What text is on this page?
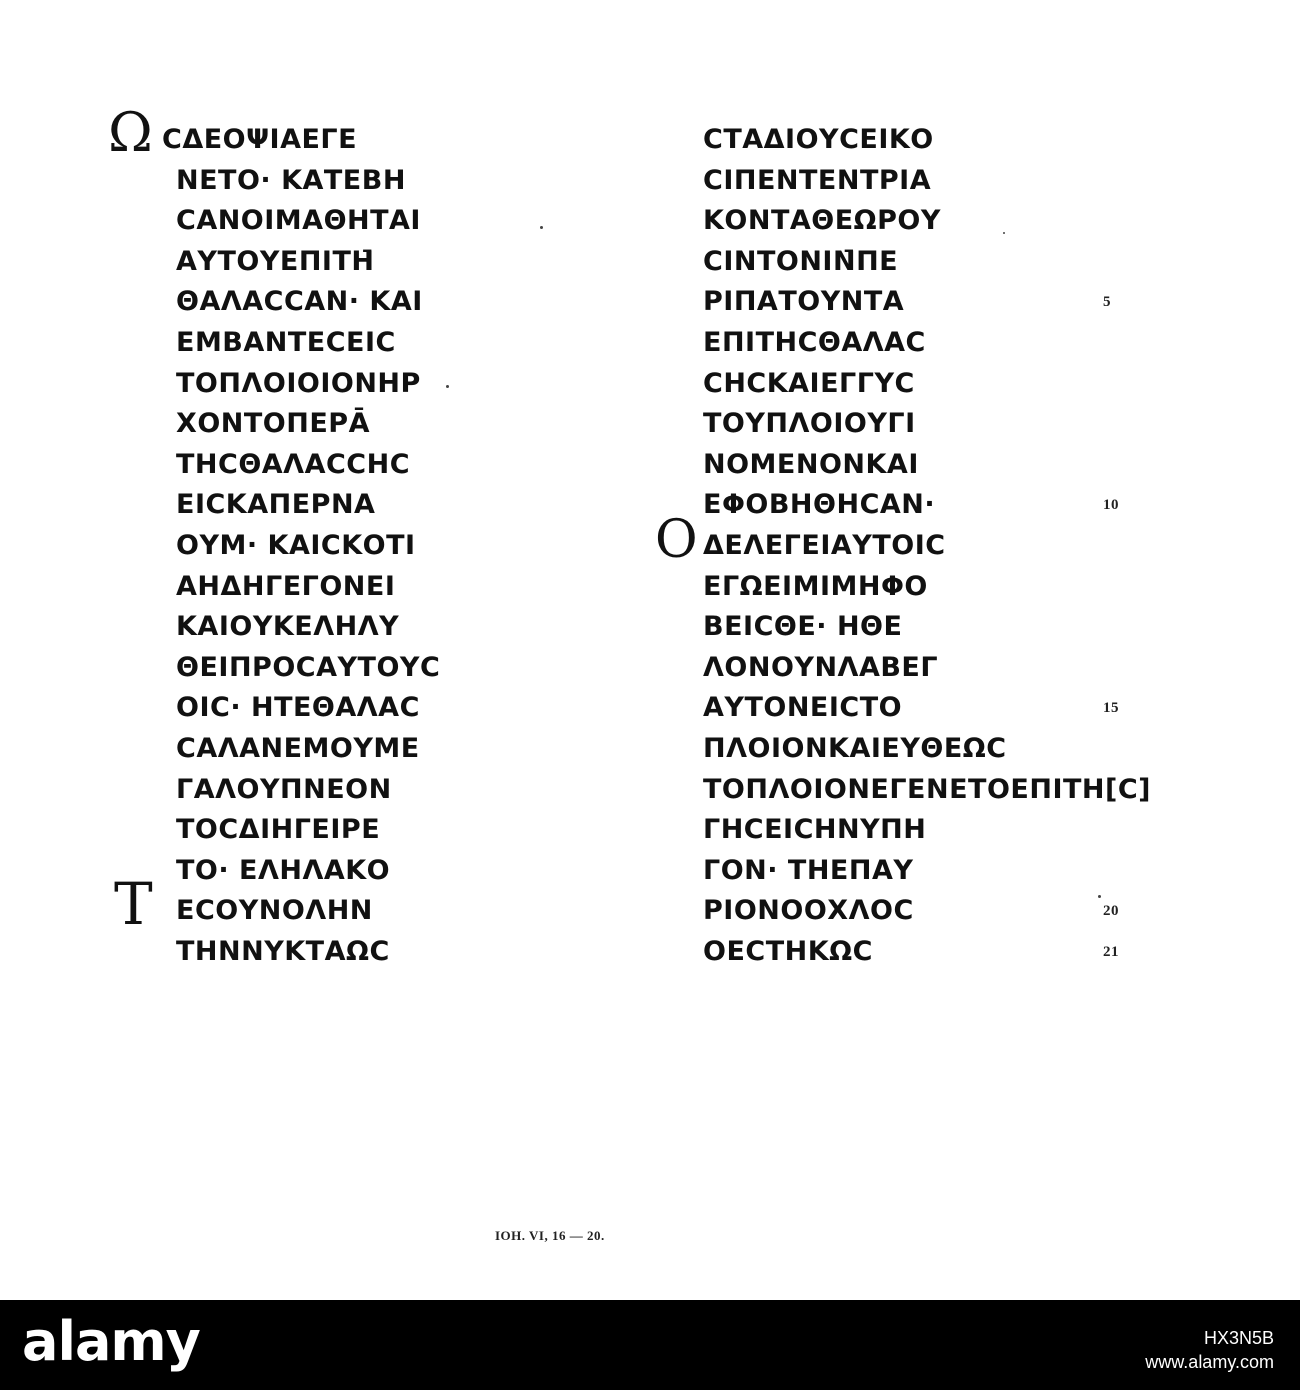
Ω CΔΕΟΨΙΑΕΓΕ
ΝΕΤΟ· ΚΑΤΕΒΗ
CΑΝΟΙΜΑΘΗΤΑΙ
ΑΥΤΟΥΕΠΙΤΗ̄
ΘΑΛΑCCΑΝ· ΚΑΙ
ΕΜΒΑΝΤΕCΕΙC
ΤΟΠΛΟΙΟΙΟΝΗΡ
ΧΟΝΤΟΠΕΡᾹ
ΤΗCΘΑΛΑCCΗC
ΕΙCΚΑΠΕΡΝΑ
ΟΥΜ· ΚΑΙCΚΟΤΙ
ΑΗΔΗΓΕΓΟΝΕΙ
ΚΑΙΟΥΚΕΛΗΛΥ
ΘΕΙΠΡΟCΑΥΤΟΥC
ΟΙC· ΗΤΕΘΑΛΑC
CΑΛΑΝΕΜΟΥΜΕ
ΓΑΛΟΥΠΝΕΟΝ
ΤΟCΔΙΗΓΕΙΡΕ
ΤΟ· ΕΛΗΛΑΚΟ
Τ ΕCΟΥΝΟΛΗΝ
ΤΗΝΝΥΚΤΑΩC
CΤΑΔΙΟΥCΕΙΚΟ
CΙΠΕΝΤΕΝΤΡΙΑ
ΚΟΝΤΑΘΕΩΡΟΥ
CΙΝΤΟΝΙΝ̄ΠΕ
ΡΙΠΑΤΟΥΝΤΑ	5
ΕΠΙΤΗCΘΑΛΑC
CΗCΚΑΙΕΓΓΥC
ΤΟΥΠΛΟΙΟΥΓΙ
ΝΟΜΕΝΟΝΚΑΙ
ΕΦΟΒΗΘΗCΑΝ·	10
Ο ΔΕΛΕΓΕΙΑΥΤΟΙC
ΕΓΩΕΙΜΙΜΗΦΟ
ΒΕΙCΘΕ· ΗΘΕ
ΛΟΝΟΥΝΛΑΒΕΓ
ΑΥΤΟΝΕΙCΤΟ	15
ΠΛΟΙΟΝΚΑΙΕΥΘΕΩC
ΤΟΠΛΟΙΟΝΕΓΕΝΕΤΟΕΠΙΤΗ[C]
ΓΗCΕΙCΗΝΥΠΗ
ΓΟΝ· ΤΗΕΠΑΥ
ΡΙΟΝΟΟΧΛΟC	20
ΟΕCΤΗΚΩC	21
IOH. VI, 16 — 20.
alamy	HX3N5B
www.alamy.com
